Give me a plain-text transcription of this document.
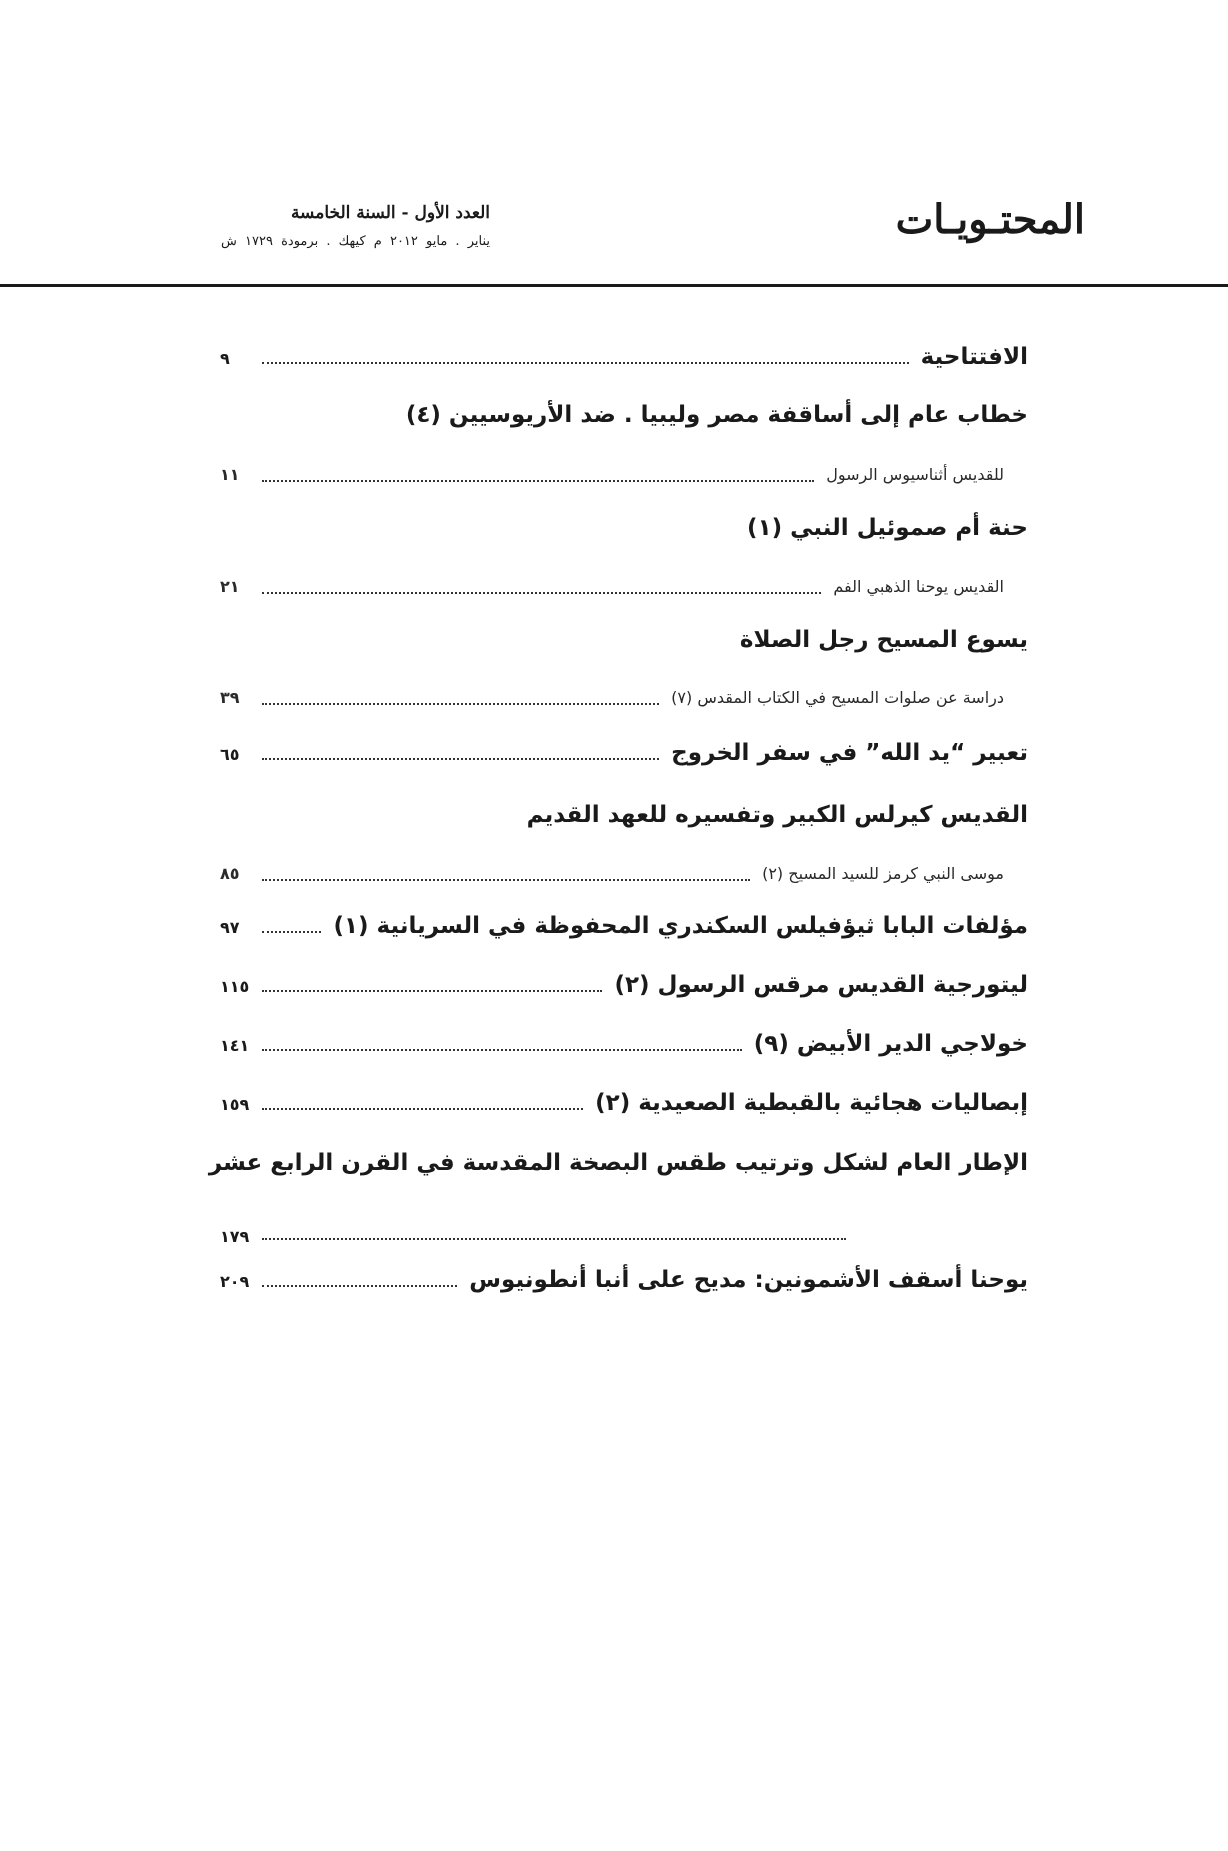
المحتـويـات
العدد الأول - السنة الخامسة
يناير . مايو ٢٠١٢ م كيهك . برمودة ١٧٢٩ ش
الافتتاحية
٩
خطاب عام إلى أساقفة مصر وليبيا . ضد الأريوسيين (٤)
للقديس أثناسيوس الرسول
١١
حنة أم صموئيل النبي (١)
القديس يوحنا الذهبي الفم
٢١
يسوع المسيح رجل الصلاة
دراسة عن صلوات المسيح في الكتاب المقدس (٧)
٣٩
تعبير “يد الله” في سفر الخروج
٦٥
القديس كيرلس الكبير وتفسيره للعهد القديم
موسى النبي كرمز للسيد المسيح (٢)
٨٥
مؤلفات البابا ثيؤفيلس السكندري المحفوظة في السريانية (١)
٩٧
ليتورجية القديس مرقس الرسول (٢)
١١٥
خولاجي الدير الأبيض (٩)
١٤١
إبصاليات هجائية بالقبطية الصعيدية (٢)
١٥٩
الإطار العام لشكل وترتيب طقس البصخة المقدسة في القرن الرابع عشر
١٧٩
يوحنا أسقف الأشمونين: مديح على أنبا أنطونيوس
٢٠٩
